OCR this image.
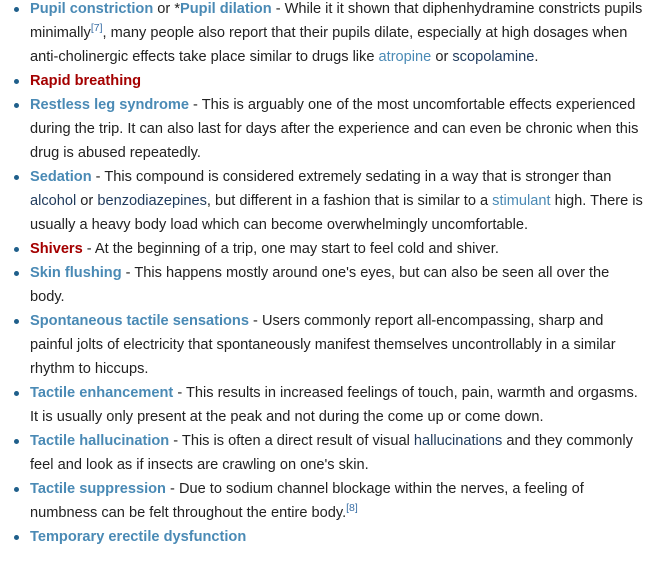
Pupil constriction or *Pupil dilation - While it it shown that diphenhydramine constricts pupils minimally[7], many people also report that their pupils dilate, especially at high dosages when anti-cholinergic effects take place similar to drugs like atropine or scopolamine.
Rapid breathing
Restless leg syndrome - This is arguably one of the most uncomfortable effects experienced during the trip. It can also last for days after the experience and can even be chronic when this drug is abused repeatedly.
Sedation - This compound is considered extremely sedating in a way that is stronger than alcohol or benzodiazepines, but different in a fashion that is similar to a stimulant high. There is usually a heavy body load which can become overwhelmingly uncomfortable.
Shivers - At the beginning of a trip, one may start to feel cold and shiver.
Skin flushing - This happens mostly around one's eyes, but can also be seen all over the body.
Spontaneous tactile sensations - Users commonly report all-encompassing, sharp and painful jolts of electricity that spontaneously manifest themselves uncontrollably in a similar rhythm to hiccups.
Tactile enhancement - This results in increased feelings of touch, pain, warmth and orgasms. It is usually only present at the peak and not during the come up or come down.
Tactile hallucination - This is often a direct result of visual hallucinations and they commonly feel and look as if insects are crawling on one's skin.
Tactile suppression - Due to sodium channel blockage within the nerves, a feeling of numbness can be felt throughout the entire body.[8]
Temporary erectile dysfunction
